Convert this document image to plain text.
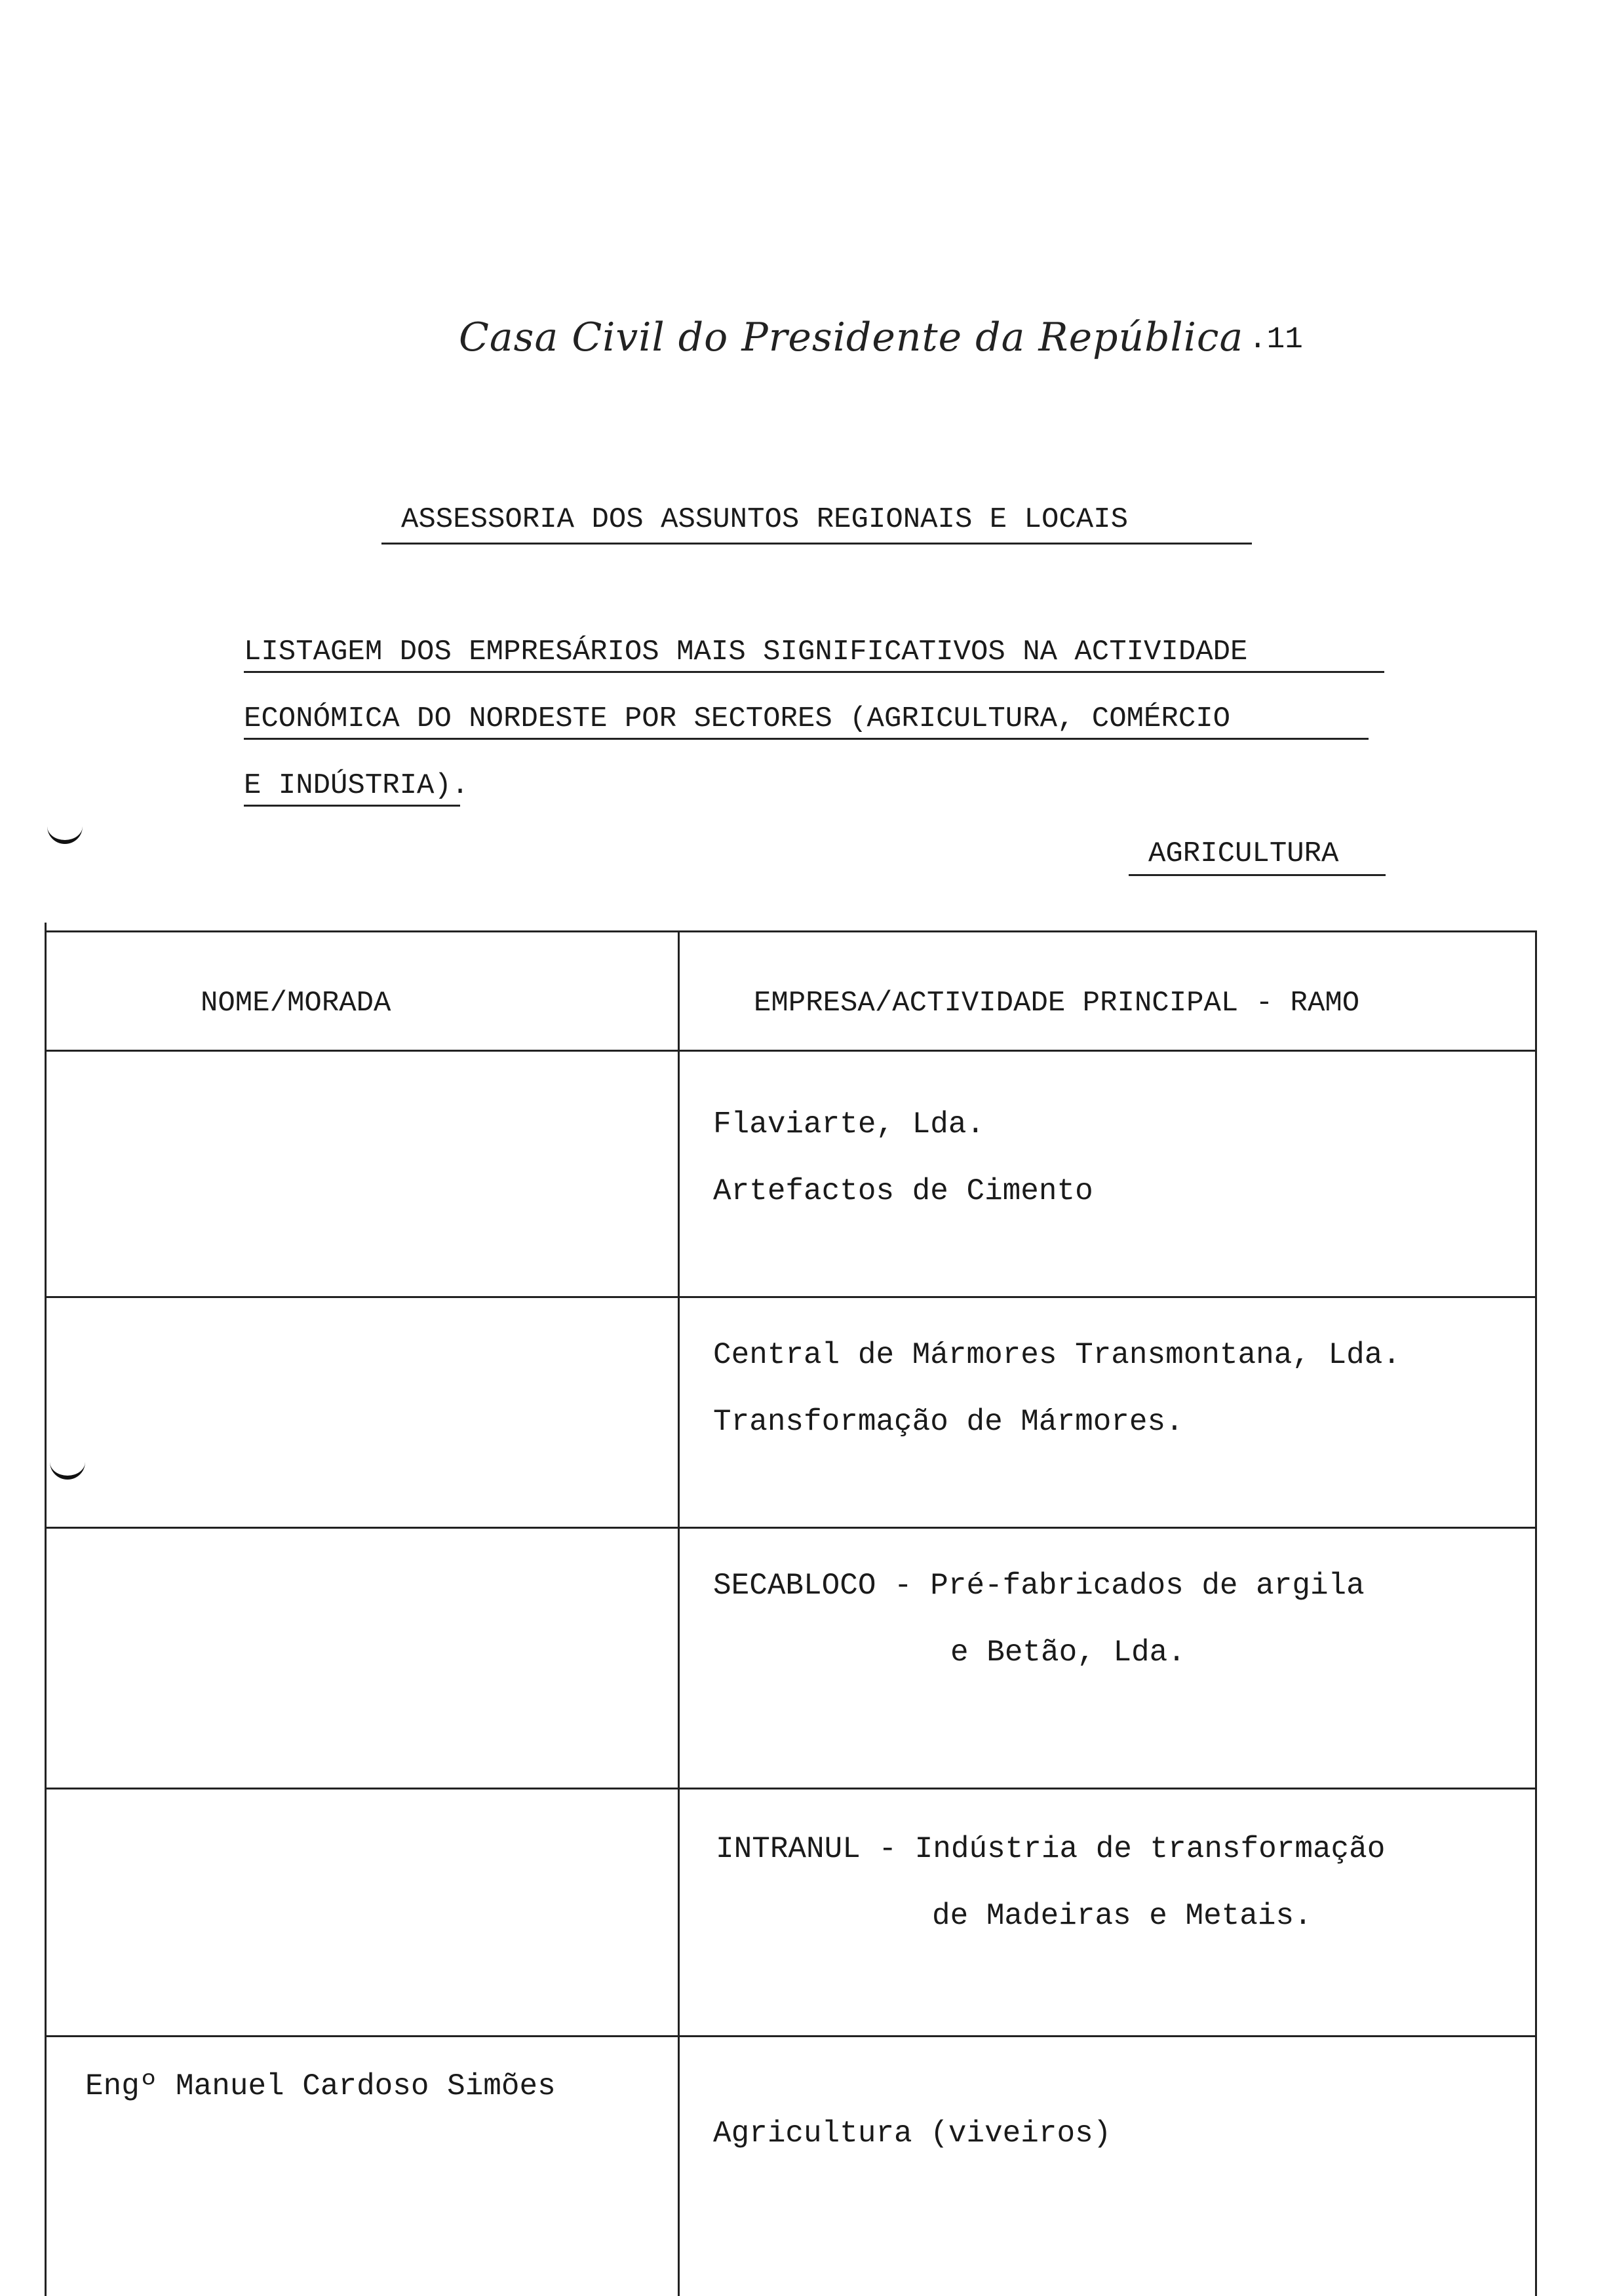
Casa Civil do Presidente da República .11
ASSESSORIA DOS ASSUNTOS REGIONAIS E LOCAIS
LISTAGEM DOS EMPRESÁRIOS MAIS SIGNIFICATIVOS NA ACTIVIDADE
ECONÓMICA DO NORDESTE POR SECTORES (AGRICULTURA, COMÉRCIO
E INDÚSTRIA).
AGRICULTURA
NOME/MORADA	EMPRESA/ACTIVIDADE PRINCIPAL - RAMO
Flaviarte, Lda.
Artefactos de Cimento
Central de Mármores Transmontana, Lda.
Transformação de Mármores.
SECABLOCO - Pré-fabricados de argila
e Betão, Lda.
INTRANUL - Indústria de transformação
de Madeiras e Metais.
Engº Manuel Cardoso Simões
Agricultura (viveiros)
